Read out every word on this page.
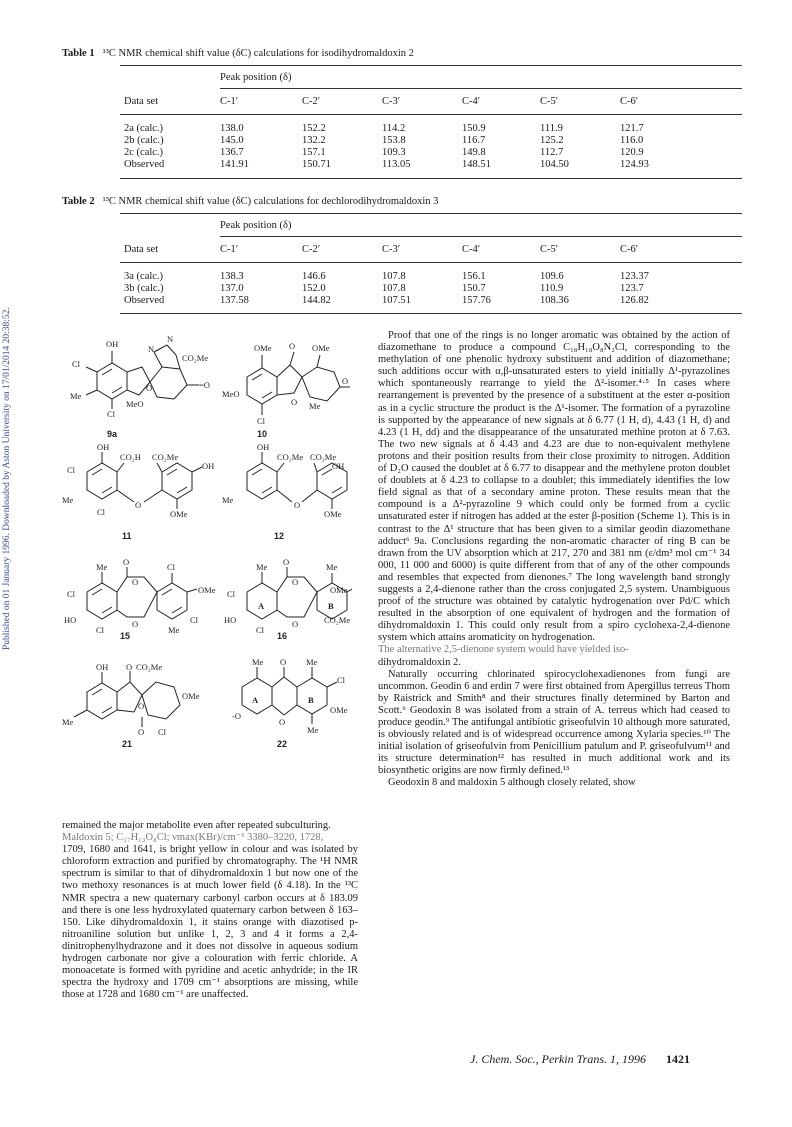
Published on 01 January 1996. Downloaded by Aston University on 17/01/2014 20:38:52.
Table 1 ¹³C NMR chemical shift value (δC) calculations for isodihydromaldoxin 2
Peak position (δ)
Data set	C-1′	C-2′	C-3′	C-4′	C-5′	C-6′
2a (calc.)	138.0	152.2	114.2	150.9	111.9	121.7
2b (calc.)	145.0	132.2	153.8	116.7	125.2	116.0
2c (calc.)	136.7	157.1	109.3	149.8	112.7	120.9
Observed	141.91	150.71	113.05	148.51	104.50	124.93
Table 2 ¹³C NMR chemical shift value (δC) calculations for dechlorodihydromaldoxin 3
Peak position (δ)
Data set	C-1′	C-2′	C-3′	C-4′	C-5′	C-6′
3a (calc.)	138.3	146.6	107.8	156.1	109.6	123.37
3b (calc.)	137.0	152.0	107.8	150.7	110.9	123.7
Observed	137.58	144.82	107.51	157.76	108.36	126.82
OH
Cl
Me
Cl
MeO
O
N
N
CO₂Me
=O
9a
OMe O OMe
MeO
O Me
O
Cl
10
OH
Cl
Me
Cl
CO₂H CO₂Me
OH
O
OMe
11
OH
CO₂Me CO₂Me
Me	O
OMe
OH
12
Me O	Cl
Cl
HO
O
O
OMe
Cl
Cl	Me
15
Me O	Me
Cl
HO
A	B
O
O
OMe
CO₂Me
Cl
16
OH O CO₂Me
OMe
Me
O
O Cl
21
Me O Me
Cl
OMe
A	B
O
-O
Me
22

remained the major metabolite even after repeated subculturing.

Maldoxin 5; C₁₇H₁₃O₈Cl; νmax(KBr)/cm⁻¹ 3380–3220, 1728,

1709, 1680 and 1641, is bright yellow in colour and was isolated by chloroform extraction and purified by chromatography. The ¹H NMR spectrum is similar to that of dihydromaldoxin 1 but now one of the two methoxy resonances is at much lower field (δ 4.18). In the ¹³C NMR spectra a new quaternary carbonyl carbon occurs at δ 183.09 and there is one less hydroxylated quaternary carbon between δ 163–150. Like dihydromaldoxin 1, it stains orange with diazotised p-nitroaniline solution but unlike 1, 2, 3 and 4 it forms a 2,4-dinitrophenylhydrazone and it does not dissolve in aqueous sodium hydrogen carbonate nor give a colouration with ferric chloride. A monoacetate is formed with pyridine and acetic anhydride; in the IR spectra the hydroxy and 1709 cm⁻¹ absorptions are missing, while those at 1728 and 1680 cm⁻¹ are unaffected.

Proof that one of the rings is no longer aromatic was obtained by the action of diazomethane to produce a compound C₁₈H₁₈O₈N₂Cl, corresponding to the methylation of one phenolic hydroxy substituent and addition of diazomethane; such additions occur with α,β-unsaturated esters to yield initially Δ¹-pyrazolines which spontaneously rearrange to yield the Δ²-isomer.⁴·⁵ In cases where rearrangement is prevented by the presence of a substituent at the ester α-position as in a cyclic structure the product is the Δ¹-isomer. The formation of a pyrazoline is supported by the appearance of new signals at δ 6.77 (1 H, d), 4.43 (1 H, d) and 4.23 (1 H, dd) and the disappearance of the unsaturated methine proton at δ 7.63. The two new signals at δ 4.43 and 4.23 are due to non-equivalent methylene protons and their position results from their close proximity to nitrogen. Addition of D₂O caused the doublet at δ 6.77 to disappear and the methylene proton doublet of doublets at δ 4.23 to collapse to a doublet; this immediately identifies the low field signal as that of a secondary amine proton. These results mean that the compound is a Δ²-pyrazoline 9 which could only be formed from a cyclic unsaturated ester if nitrogen has added at the ester β-position (Scheme 1). This is in contrast to the Δ¹ structure that has been given to a similar geodin diazomethane adduct⁶ 9a. Conclusions regarding the non-aromatic character of ring B can be drawn from the UV absorption which at 217, 270 and 381 nm (ε/dm³ mol cm⁻¹ 34 000, 11 000 and 6000) is quite different from that of any of the other compounds and resembles that expected from dienones.⁷ The long wavelength band strongly suggests a 2,4-dienone rather than the cross conjugated 2,5 system. Unambiguous proof of the structure was obtained by catalytic hydrogenation over Pd/C which resulted in the absorption of one equivalent of hydrogen and the formation of dihydromaldoxin 1. This could only result from a spiro cyclohexa-2,4-dienone system which attains aromaticity on hydrogenation.

The alternative 2,5-dienone system would have yielded iso-

dihydromaldoxin 2.

Naturally occurring chlorinated spirocyclohexadienones from fungi are uncommon. Geodin 6 and erdin 7 were first obtained from Apergillus terreus Thom by Raistrick and Smith⁸ and their structures finally determined by Barton and Scott.⁶ Geodoxin 8 was isolated from a strain of A. terreus which had ceased to produce geodin.⁹ The antifungal antibiotic griseofulvin 10 although more saturated, is obviously related and is of widespread occurrence among Xylaria species.¹⁰ The initial isolation of griseofulvin from Penicillium patulum and P. griseofulvum¹¹ and its structure determination¹² has resulted in much additional work and its biosynthetic origins are now firmly defined.¹³

Geodoxin 8 and maldoxin 5 although closely related, show

J. Chem. Soc., Perkin Trans. 1, 1996 1421
